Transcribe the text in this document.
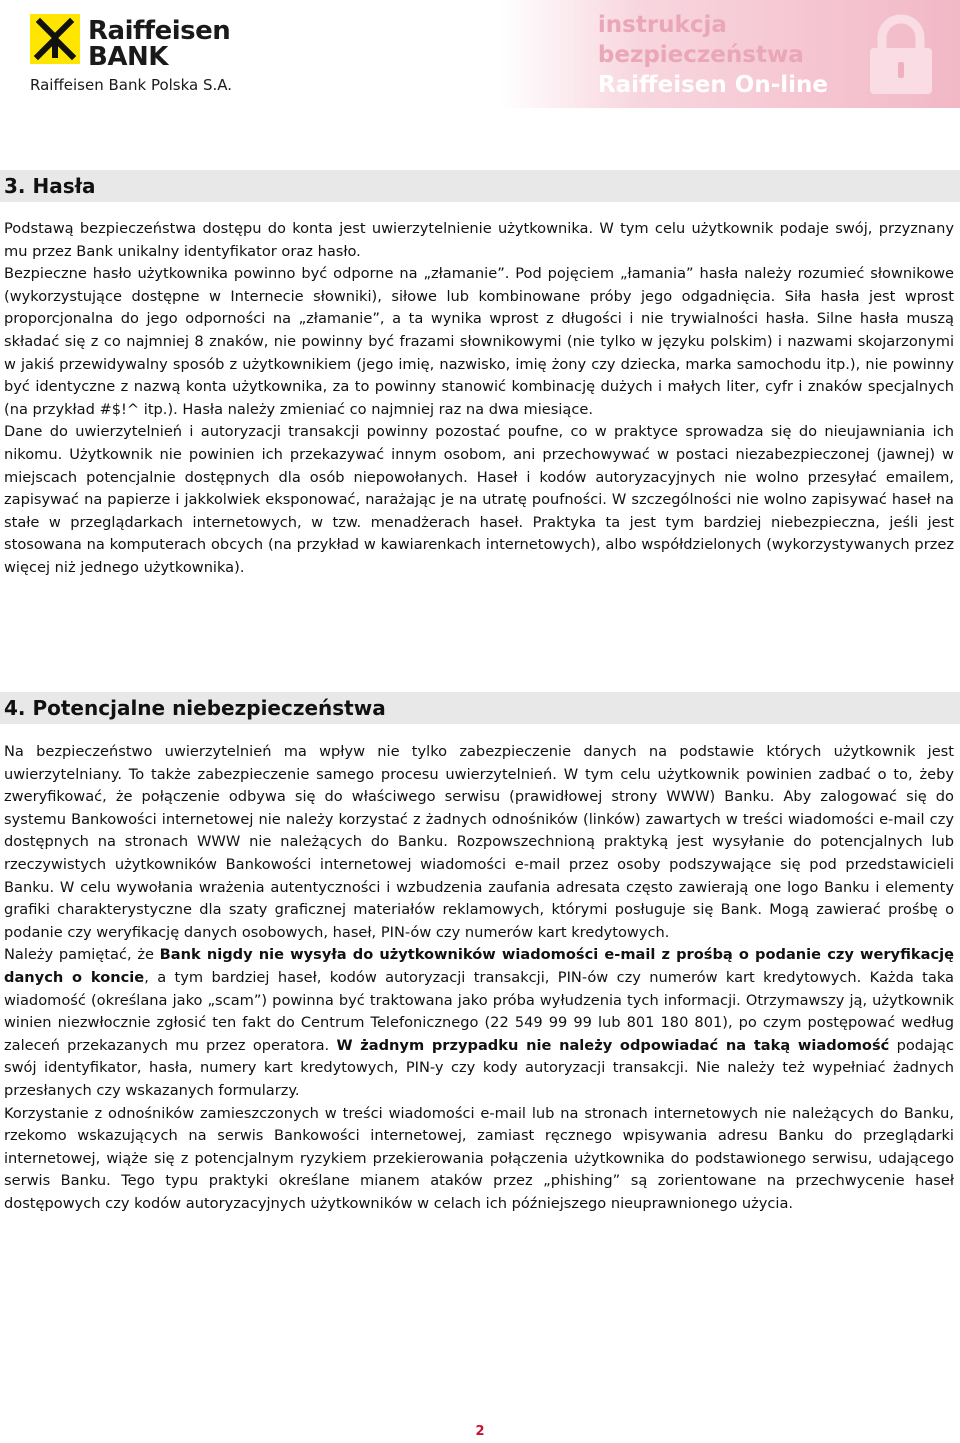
Raiffeisen
BANK
Raiffeisen Bank Polska S.A.
instrukcja
bezpieczeństwa
Raiffeisen On-line
3. Hasła

Podstawą bezpieczeństwa dostępu do konta jest uwierzytelnienie użytkownika. W tym celu użytkownik podaje swój, przyznany mu przez Bank unikalny identyfikator oraz hasło.

Bezpieczne hasło użytkownika powinno być odporne na „złamanie”. Pod pojęciem „łamania” hasła należy rozumieć słownikowe (wykorzystujące dostępne w Internecie słowniki), siłowe lub kombinowane próby jego odgadnięcia. Siła hasła jest wprost proporcjonalna do jego odporności na „złamanie”, a ta wynika wprost z długości i nie trywialności hasła. Silne hasła muszą składać się z co najmniej 8 znaków, nie powinny być frazami słownikowymi (nie tylko w języku polskim) i nazwami skojarzonymi w jakiś przewidywalny sposób z użytkownikiem (jego imię, nazwisko, imię żony czy dziecka, marka samochodu itp.), nie powinny być identyczne z nazwą konta użytkownika, za to powinny stanowić kombinację dużych i małych liter, cyfr i znaków specjalnych (na przykład #$!^ itp.). Hasła należy zmieniać co najmniej raz na dwa miesiące.

Dane do uwierzytelnień i autoryzacji transakcji powinny pozostać poufne, co w praktyce sprowadza się do nieujawniania ich nikomu. Użytkownik nie powinien ich przekazywać innym osobom, ani przechowywać w postaci niezabezpieczonej (jawnej) w miejscach potencjalnie dostępnych dla osób niepowołanych. Haseł i kodów autoryzacyjnych nie wolno przesyłać emailem, zapisywać na papierze i jakkolwiek eksponować, narażając je na utratę poufności. W szczególności nie wolno zapisywać haseł na stałe w przeglądarkach internetowych, w tzw. menadżerach haseł. Praktyka ta jest tym bardziej niebezpieczna, jeśli jest stosowana na komputerach obcych (na przykład w kawiarenkach internetowych), albo współdzielonych (wykorzystywanych przez więcej niż jednego użytkownika).

4. Potencjalne niebezpieczeństwa

Na bezpieczeństwo uwierzytelnień ma wpływ nie tylko zabezpieczenie danych na podstawie których użytkownik jest uwierzytelniany. To także zabezpieczenie samego procesu uwierzytelnień. W tym celu użytkownik powinien zadbać o to, żeby zweryfikować, że połączenie odbywa się do właściwego serwisu (prawidłowej strony WWW) Banku. Aby zalogować się do systemu Bankowości internetowej nie należy korzystać z żadnych odnośników (linków) zawartych w treści wiadomości e-mail czy dostępnych na stronach WWW nie należących do Banku. Rozpowszechnioną praktyką jest wysyłanie do potencjalnych lub rzeczywistych użytkowników Bankowości internetowej wiadomości e-mail przez osoby podszywające się pod przedstawicieli Banku. W celu wywołania wrażenia autentyczności i wzbudzenia zaufania adresata często zawierają one logo Banku i elementy grafiki charakterystyczne dla szaty graficznej materiałów reklamowych, którymi posługuje się Bank. Mogą zawierać prośbę o podanie czy weryfikację danych osobowych, haseł, PIN-ów czy numerów kart kredytowych.

Należy pamiętać, że Bank nigdy nie wysyła do użytkowników wiadomości e-mail z prośbą o podanie czy weryfikację danych o koncie, a tym bardziej haseł, kodów autoryzacji transakcji, PIN-ów czy numerów kart kredytowych. Każda taka wiadomość (określana jako „scam”) powinna być traktowana jako próba wyłudzenia tych informacji. Otrzymawszy ją, użytkownik winien niezwłocznie zgłosić ten fakt do Centrum Telefonicznego (22 549 99 99 lub 801 180 801), po czym postępować według zaleceń przekazanych mu przez operatora. W żadnym przypadku nie należy odpowiadać na taką wiadomość podając swój identyfikator, hasła, numery kart kredytowych, PIN-y czy kody autoryzacji transakcji. Nie należy też wypełniać żadnych przesłanych czy wskazanych formularzy.

Korzystanie z odnośników zamieszczonych w treści wiadomości e-mail lub na stronach internetowych nie należących do Banku, rzekomo wskazujących na serwis Bankowości internetowej, zamiast ręcznego wpisywania adresu Banku do przeglądarki internetowej, wiąże się z potencjalnym ryzykiem przekierowania połączenia użytkownika do podstawionego serwisu, udającego serwis Banku. Tego typu praktyki określane mianem ataków przez „phishing” są zorientowane na przechwycenie haseł dostępowych czy kodów autoryzacyjnych użytkowników w celach ich późniejszego nieuprawnionego użycia.

2
